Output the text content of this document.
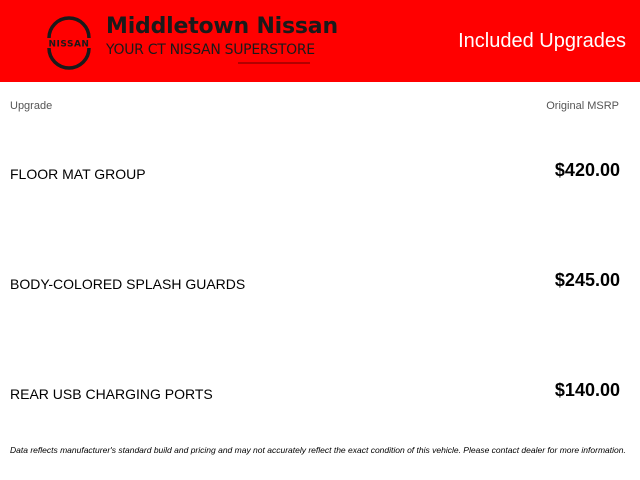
NISSAN
Middletown Nissan
YOUR CT NISSAN SUPERSTORE	Included Upgrades
Upgrade	Original MSRP
FLOOR MAT GROUP	$420.00
BODY-COLORED SPLASH GUARDS	$245.00
REAR USB CHARGING PORTS	$140.00
Data reflects manufacturer's standard build and pricing and may not accurately reflect the exact condition of this vehicle. Please contact dealer for more information.
